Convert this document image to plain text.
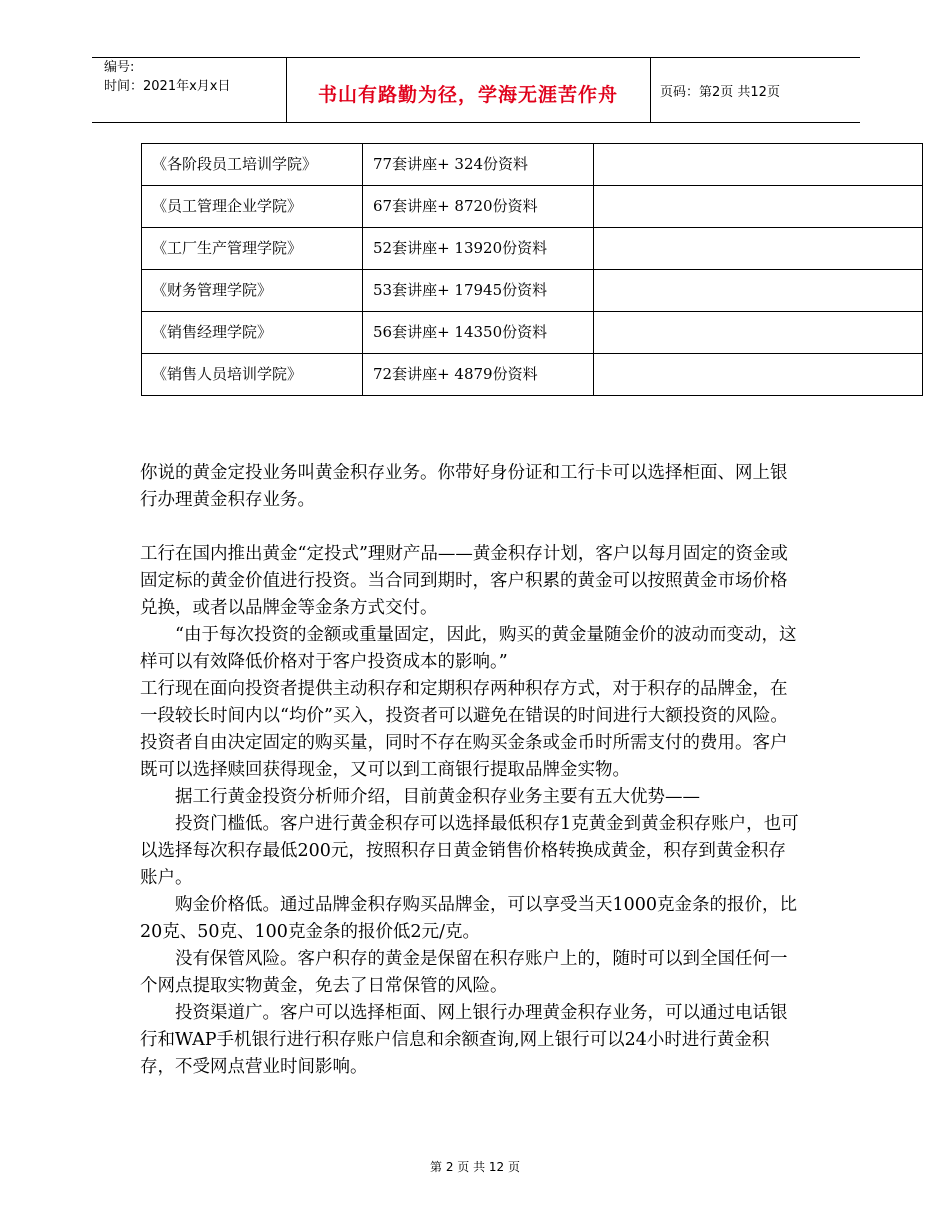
编号:
时间：2021年x月x日	书山有路勤为径，学海无涯苦作舟	页码：第2页 共12页
《各阶段员工培训学院》	77套讲座+ 324份资料	
《员工管理企业学院》	67套讲座+ 8720份资料	
《工厂生产管理学院》	52套讲座+ 13920份资料	
《财务管理学院》	53套讲座+ 17945份资料	
《销售经理学院》	56套讲座+ 14350份资料	
《销售人员培训学院》	72套讲座+ 4879份资料	

你说的黄金定投业务叫黄金积存业务。你带好身份证和工行卡可以选择柜面、网上银行办理黄金积存业务。

工行在国内推出黄金“定投式”理财产品——黄金积存计划，客户以每月固定的资金或固定标的黄金价值进行投资。当合同到期时，客户积累的黄金可以按照黄金市场价格兑换，或者以品牌金等金条方式交付。

“由于每次投资的金额或重量固定，因此，购买的黄金量随金价的波动而变动，这样可以有效降低价格对于客户投资成本的影响。”

工行现在面向投资者提供主动积存和定期积存两种积存方式，对于积存的品牌金，在一段较长时间内以“均价”买入，投资者可以避免在错误的时间进行大额投资的风险。投资者自由决定固定的购买量，同时不存在购买金条或金币时所需支付的费用。客户既可以选择赎回获得现金，又可以到工商银行提取品牌金实物。

据工行黄金投资分析师介绍，目前黄金积存业务主要有五大优势——

投资门槛低。客户进行黄金积存可以选择最低积存1克黄金到黄金积存账户，也可以选择每次积存最低200元，按照积存日黄金销售价格转换成黄金，积存到黄金积存账户。

购金价格低。通过品牌金积存购买品牌金，可以享受当天1000克金条的报价，比20克、50克、100克金条的报价低2元/克。

没有保管风险。客户积存的黄金是保留在积存账户上的，随时可以到全国任何一个网点提取实物黄金，免去了日常保管的风险。

投资渠道广。客户可以选择柜面、网上银行办理黄金积存业务，可以通过电话银行和WAP手机银行进行积存账户信息和余额查询,网上银行可以24小时进行黄金积存，不受网点营业时间影响。

第 2 页 共 12 页
